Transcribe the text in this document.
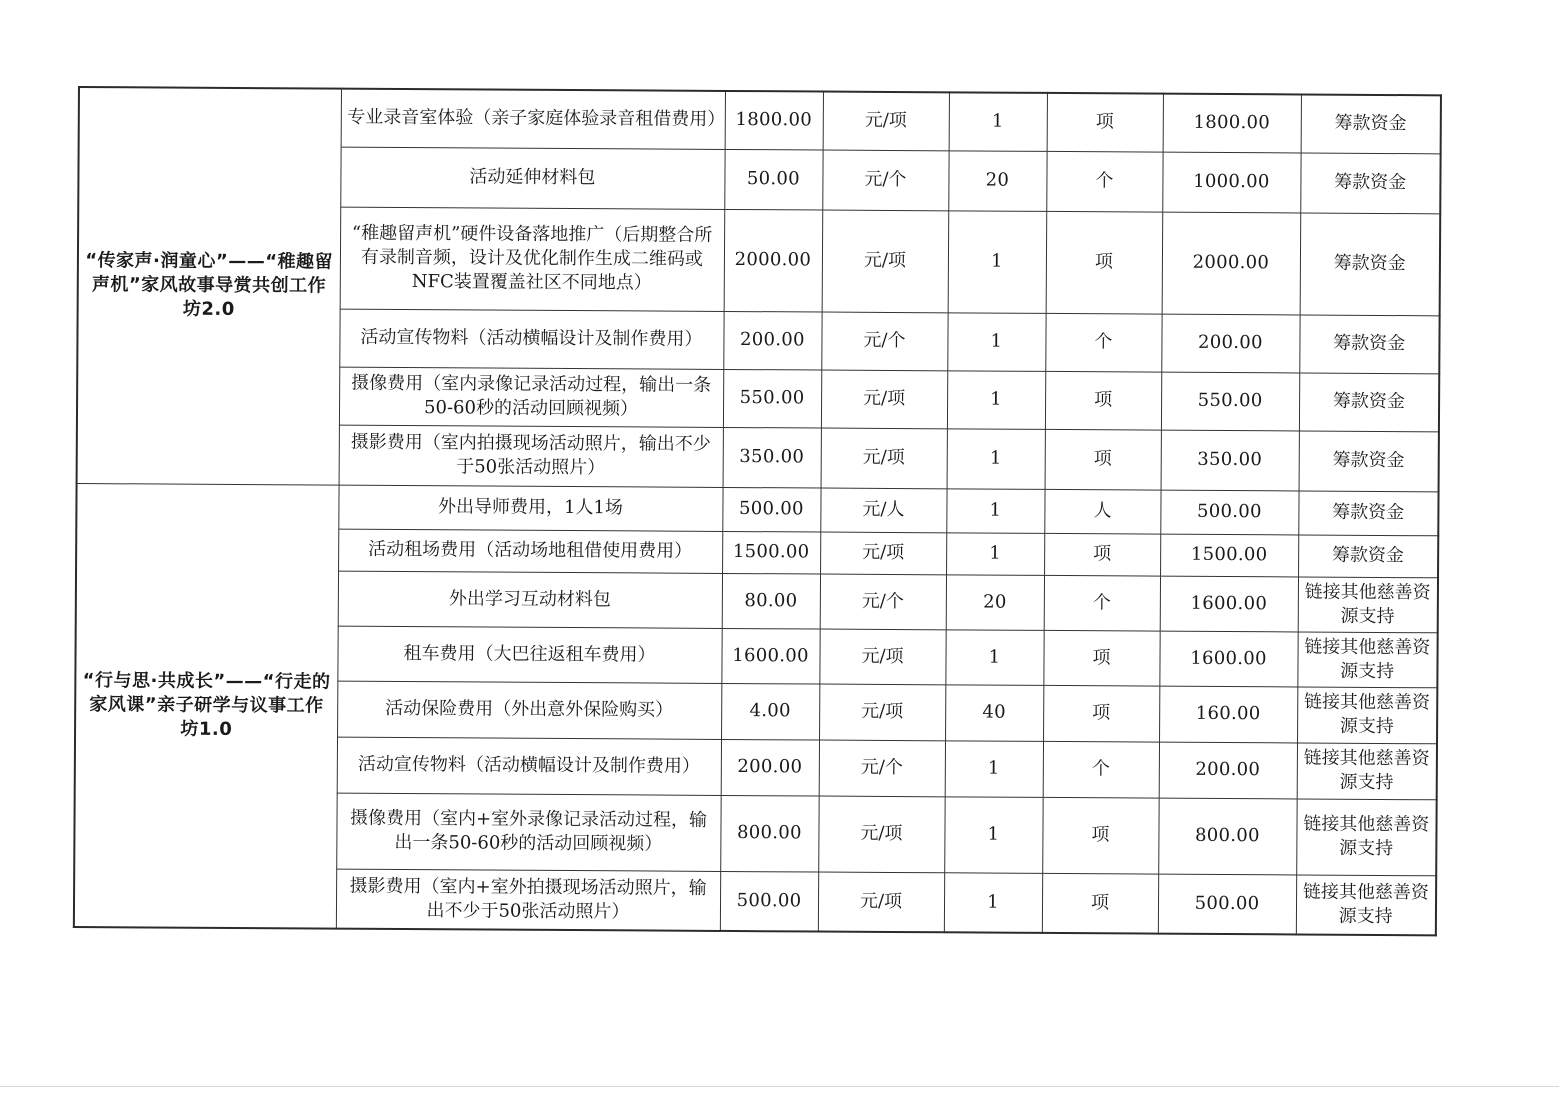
“传家声·润童心”——“稚趣留声机”家风故事导赏共创工作坊2.0	专业录音室体验（亲子家庭体验录音租借费用）	1800.00	元/项	1	项	1800.00	筹款资金
	活动延伸材料包	50.00	元/个	20	个	1000.00	筹款资金
	“稚趣留声机”硬件设备落地推广（后期整合所有录制音频，设计及优化制作生成二维码或NFC装置覆盖社区不同地点）	2000.00	元/项	1	项	2000.00	筹款资金
	活动宣传物料（活动横幅设计及制作费用）	200.00	元/个	1	个	200.00	筹款资金
	摄像费用（室内录像记录活动过程，输出一条50-60秒的活动回顾视频）	550.00	元/项	1	项	550.00	筹款资金
	摄影费用（室内拍摄现场活动照片，输出不少于50张活动照片）	350.00	元/项	1	项	350.00	筹款资金
“行与思·共成长”——“行走的家风课”亲子研学与议事工作坊1.0	外出导师费用，1人1场	500.00	元/人	1	人	500.00	筹款资金
	活动租场费用（活动场地租借使用费用）	1500.00	元/项	1	项	1500.00	筹款资金
	外出学习互动材料包	80.00	元/个	20	个	1600.00	链接其他慈善资源支持
	租车费用（大巴往返租车费用）	1600.00	元/项	1	项	1600.00	链接其他慈善资源支持
	活动保险费用（外出意外保险购买）	4.00	元/项	40	项	160.00	链接其他慈善资源支持
	活动宣传物料（活动横幅设计及制作费用）	200.00	元/个	1	个	200.00	链接其他慈善资源支持
	摄像费用（室内+室外录像记录活动过程，输出一条50-60秒的活动回顾视频）	800.00	元/项	1	项	800.00	链接其他慈善资源支持
	摄影费用（室内+室外拍摄现场活动照片，输出不少于50张活动照片）	500.00	元/项	1	项	500.00	链接其他慈善资源支持
